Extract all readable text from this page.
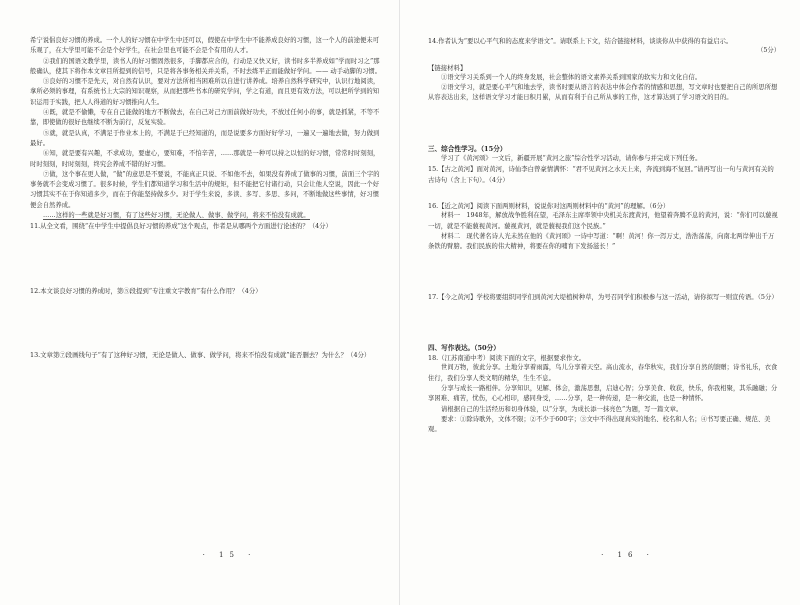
希宁说倡良好习惯的养成。一个人的好习惯在中学生中还可以，假使在中学生中不能养成良好的习惯，这一个人的前途便未可乐观了，在大学里可能不会是个好学生，在社会里也可能不会是个有用的人才。

②我们的国语文教学里，读书人的好习惯固然很多，手脚都应合的，行动是又快又好，读书时多半养成如“学而时习之”那般确认，使其下将作本文章目所提到的信号，只是将各事务相关并关系，不时去练平正而能做好学问。—— 动手动脚的习惯。

③良好的习惯不是先天，对自然有认识，要对方法所相当困难所以自进行讲养成。培养自然科学研究中，认识行地阅读，拿所必须的事理，有系统书上大宗的知识观察，从而把那些书本的研究学问，学之有道，而且更有效方法，可以把所学到的知识运用于实践，把人人得道的好习惯推向人生。

④既，就是不偷懒，专在自己能做的地方不断做去，在自己对己方面前做好功夫，不放过任何小的事，就是抓紧，不等不靠，即使做的很好也继续不断为前行，反复实验。

⑤就，就是认真，不满足于作业本上的，不满足于已经知道的，而是说要多方面好好学习，一遍又一遍地去做，努力做到最好。

⑥知，就是要有兴趣，不求成功，要虚心，要知难，不怕辛苦，……那就是一种可以持之以恒的好习惯，常常时时刻刻，时时刻刻，时时刻刻，终究会养成不错的好习惯。

⑦做，这个事在更人做，“做”的意思是不要说，不能真正只说、不如他不去，如果没有养成了做事的习惯，前面三个字的事务就不会变成习惯了。很多时候，学生们都知道学习和生活中的规矩，但不能把它付诸行动，只会让他人空说，因此一个好习惯其实不在于你知道多少，而在于你能坚持做多少。对于学生来说，多读、多写、多思、多问，不断地做这些事情，好习惯便会自然养成。

……这样的一些就是好习惯，有了这些好习惯，无论做人、做事、做学问，将来不怕没有成就。

11.从全文看，围绕“在中学生中提倡良好习惯的养成”这个观点，作者是从哪两个方面进行论述的？（4分）

12.本文谈良好习惯的养成时，第⑤段提到“专注重文字教育”有什么作用？（4分）

13.文章第⑦段画线句子“有了这种好习惯，无论是做人、做事、做学问，将来不怕没有成就”能否删去？为什么？（4分）

· 15 ·

14.作者认为“要以心平气和的态度来学语文”。请联系上下文，结合链接材料，谈谈你从中获得的有益启示。

（5分）

【链接材料】

①语文学习关系到一个人的终身发展，社会整体的语文素养关系到国家的软实力和文化自信。

②语文学习，就是要心平气和地去学，读书时要从语言的表达中体会作者的情感和思想，写文章时也要把自己的所思所想从容表达出来，这样语文学习才能日积月累，从而有利于自己所从事的工作，这才算达到了学习语文的目的。

三、综合性学习。（15分）

学习了《黄河颂》一文后，新疆开展“黄河之旅”综合性学习活动，请你参与并完成下列任务。

15.【古之黄河】面对黄河，诗仙李白曾豪情满怀：“君不见黄河之水天上来，奔流到海不复回。”请再写出一句与黄河有关的古诗句（含上下句）。（4分）

16.【近之黄河】阅读下面两则材料，说说你对这两则材料中的“黄河”的理解。（6分）

材料一　1948年，解放战争胜利在望，毛泽东主席率领中央机关东渡黄河，他望着奔腾不息的黄河，说：“你们可以藐视一切，就是不能藐视黄河。藐视黄河，就是藐视我们这个民族。”

材料二　现代著名诗人光未然在他的《黄河颂》一诗中写道：“啊！黄河！你一泻万丈，浩浩荡荡，向南北两岸伸出千万条铁的臂膀。我们民族的伟大精神，将要在你的哺育下发扬滋长！”

17.【今之黄河】学校将要组织同学们到黄河大堤植树种草，为号召同学们积极参与这一活动，请你拟写一则宣传语。（5分）

四、写作表达。（50分）

18.（江苏南通中考）阅读下面的文字，根据要求作文。

世间万物，彼此分享。土地分享着雨露，鸟儿分享着天空。高山流水，春华秋实，我们分享自然的馈赠；诗书礼乐，衣食住行，我们分享人类文明的精华，生生不息。

分享与成长一路相伴。分享知识，见解、体会，激荡思想，启迪心智；分享美食、收获，快乐，你我相聚，其乐融融；分享困难、痛苦，忧伤，心心相印，感同身受，……分享，是一种传递，是一种交流，也是一种情怀。

请根据自己的生活经历和切身体验，以“分享，为成长添一抹亮色”为题，写一篇文章。

要求：①除诗歌外，文体不限；②不少于600字；③文中不得出现真实的地名、校名和人名；④书写要正确、规范、美观。

· 16 ·
